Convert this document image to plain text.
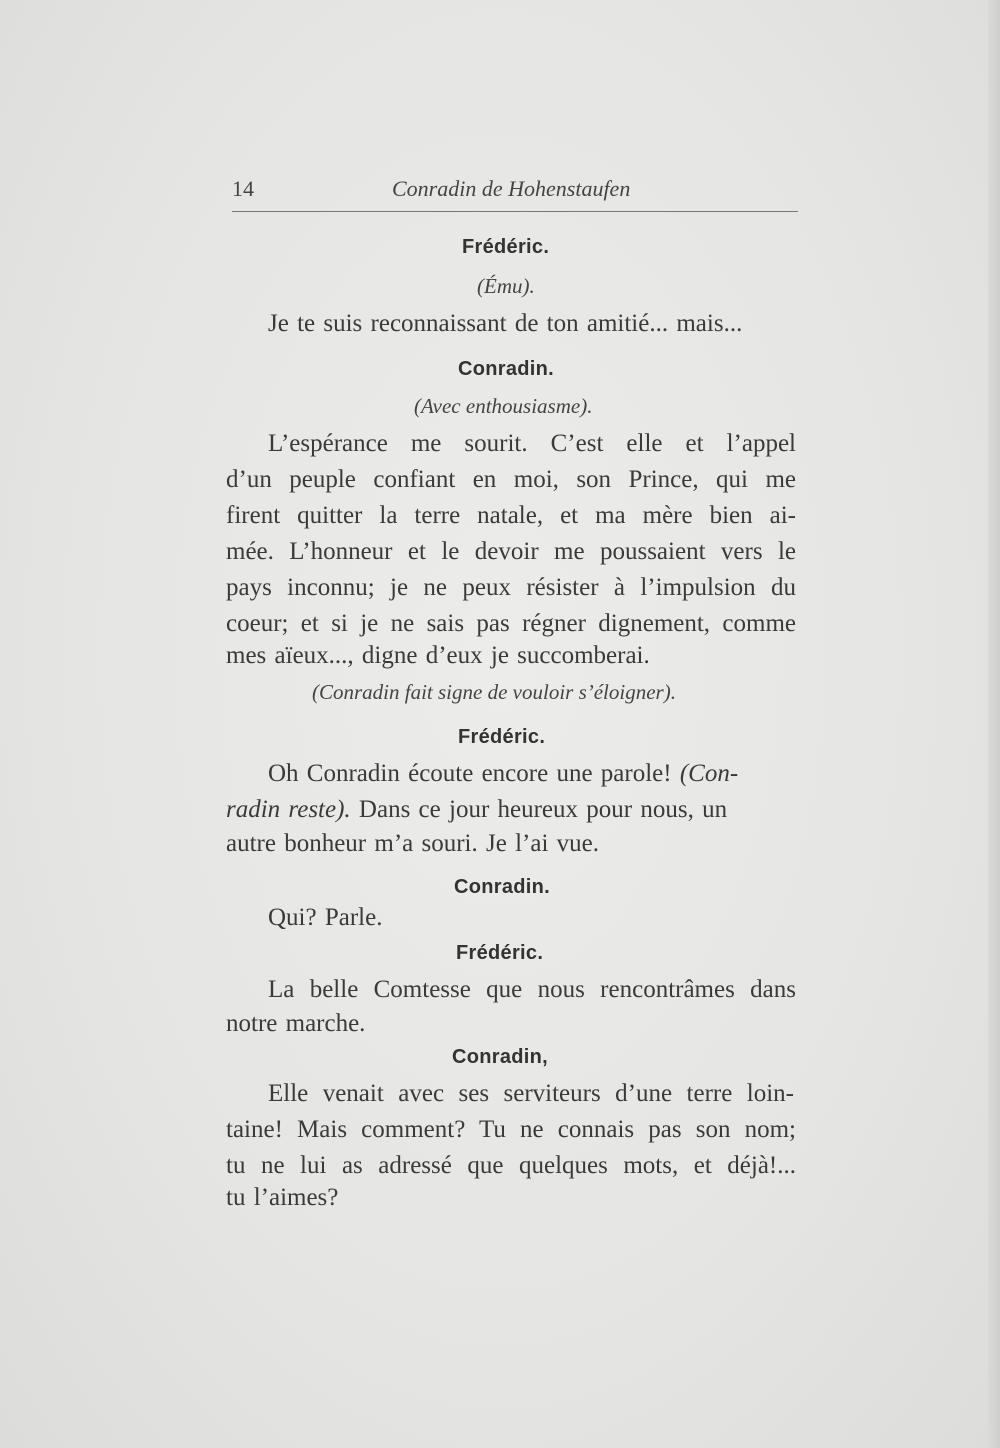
14	Conradin de Hohenstaufen
Frédéric.
(Ému).
Je te suis reconnaissant de ton amitié... mais...
Conradin.
(Avec enthousiasme).
L’espérance me sourit. C’est elle et l’appel
d’un peuple confiant en moi, son Prince, qui me
firent quitter la terre natale, et ma mère bien ai-
mée. L’honneur et le devoir me poussaient vers le
pays inconnu; je ne peux résister à l’impulsion du
coeur; et si je ne sais pas régner dignement, comme
mes aïeux..., digne d’eux je succomberai.
(Conradin fait signe de vouloir s’éloigner).
Frédéric.
Oh Conradin écoute encore une parole! (Con-
radin reste). Dans ce jour heureux pour nous, un
autre bonheur m’a souri. Je l’ai vue.
Conradin.
Qui? Parle.
Frédéric.
La belle Comtesse que nous rencontrâmes dans
notre marche.
Conradin,
Elle venait avec ses serviteurs d’une terre loin-
taine! Mais comment? Tu ne connais pas son nom;
tu ne lui as adressé que quelques mots, et déjà!...
tu l’aimes?
